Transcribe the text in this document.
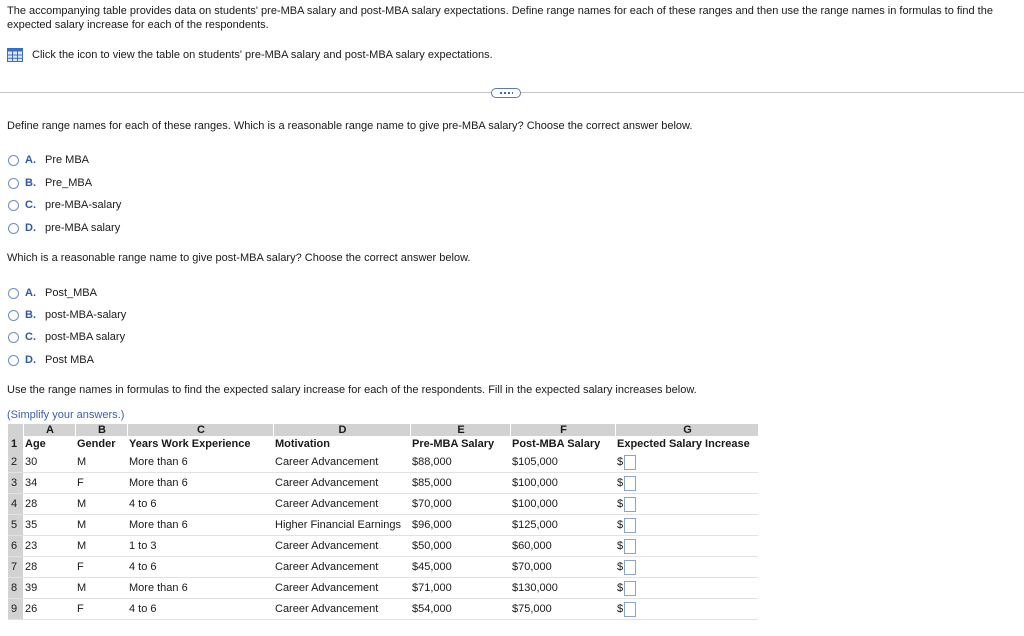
The accompanying table provides data on students' pre-MBA salary and post-MBA salary expectations. Define range names for each of these ranges and then use the range names in formulas to find the expected salary increase for each of the respondents.
Click the icon to view the table on students' pre-MBA salary and post-MBA salary expectations.
Define range names for each of these ranges. Which is a reasonable range name to give pre-MBA salary? Choose the correct answer below.
A. Pre MBA
B. Pre_MBA
C. pre-MBA-salary
D. pre-MBA salary
Which is a reasonable range name to give post-MBA salary? Choose the correct answer below.
A. Post_MBA
B. post-MBA-salary
C. post-MBA salary
D. Post MBA
Use the range names in formulas to find the expected salary increase for each of the respondents. Fill in the expected salary increases below.
(Simplify your answers.)
	A	B	C	D	E	F	G
1	Age	Gender	Years Work Experience	Motivation	Pre-MBA Salary	Post-MBA Salary	Expected Salary Increase
2	30	M	More than 6	Career Advancement	$88,000	$105,000	$

3	34	F	More than 6	Career Advancement	$85,000	$100,000	$

4	28	M	4 to 6	Career Advancement	$70,000	$100,000	$

5	35	M	More than 6	Higher Financial Earnings	$96,000	$125,000	$

6	23	M	1 to 3	Career Advancement	$50,000	$60,000	$

7	28	F	4 to 6	Career Advancement	$45,000	$70,000	$

8	39	M	More than 6	Career Advancement	$71,000	$130,000	$

9	26	F	4 to 6	Career Advancement	$54,000	$75,000	$
